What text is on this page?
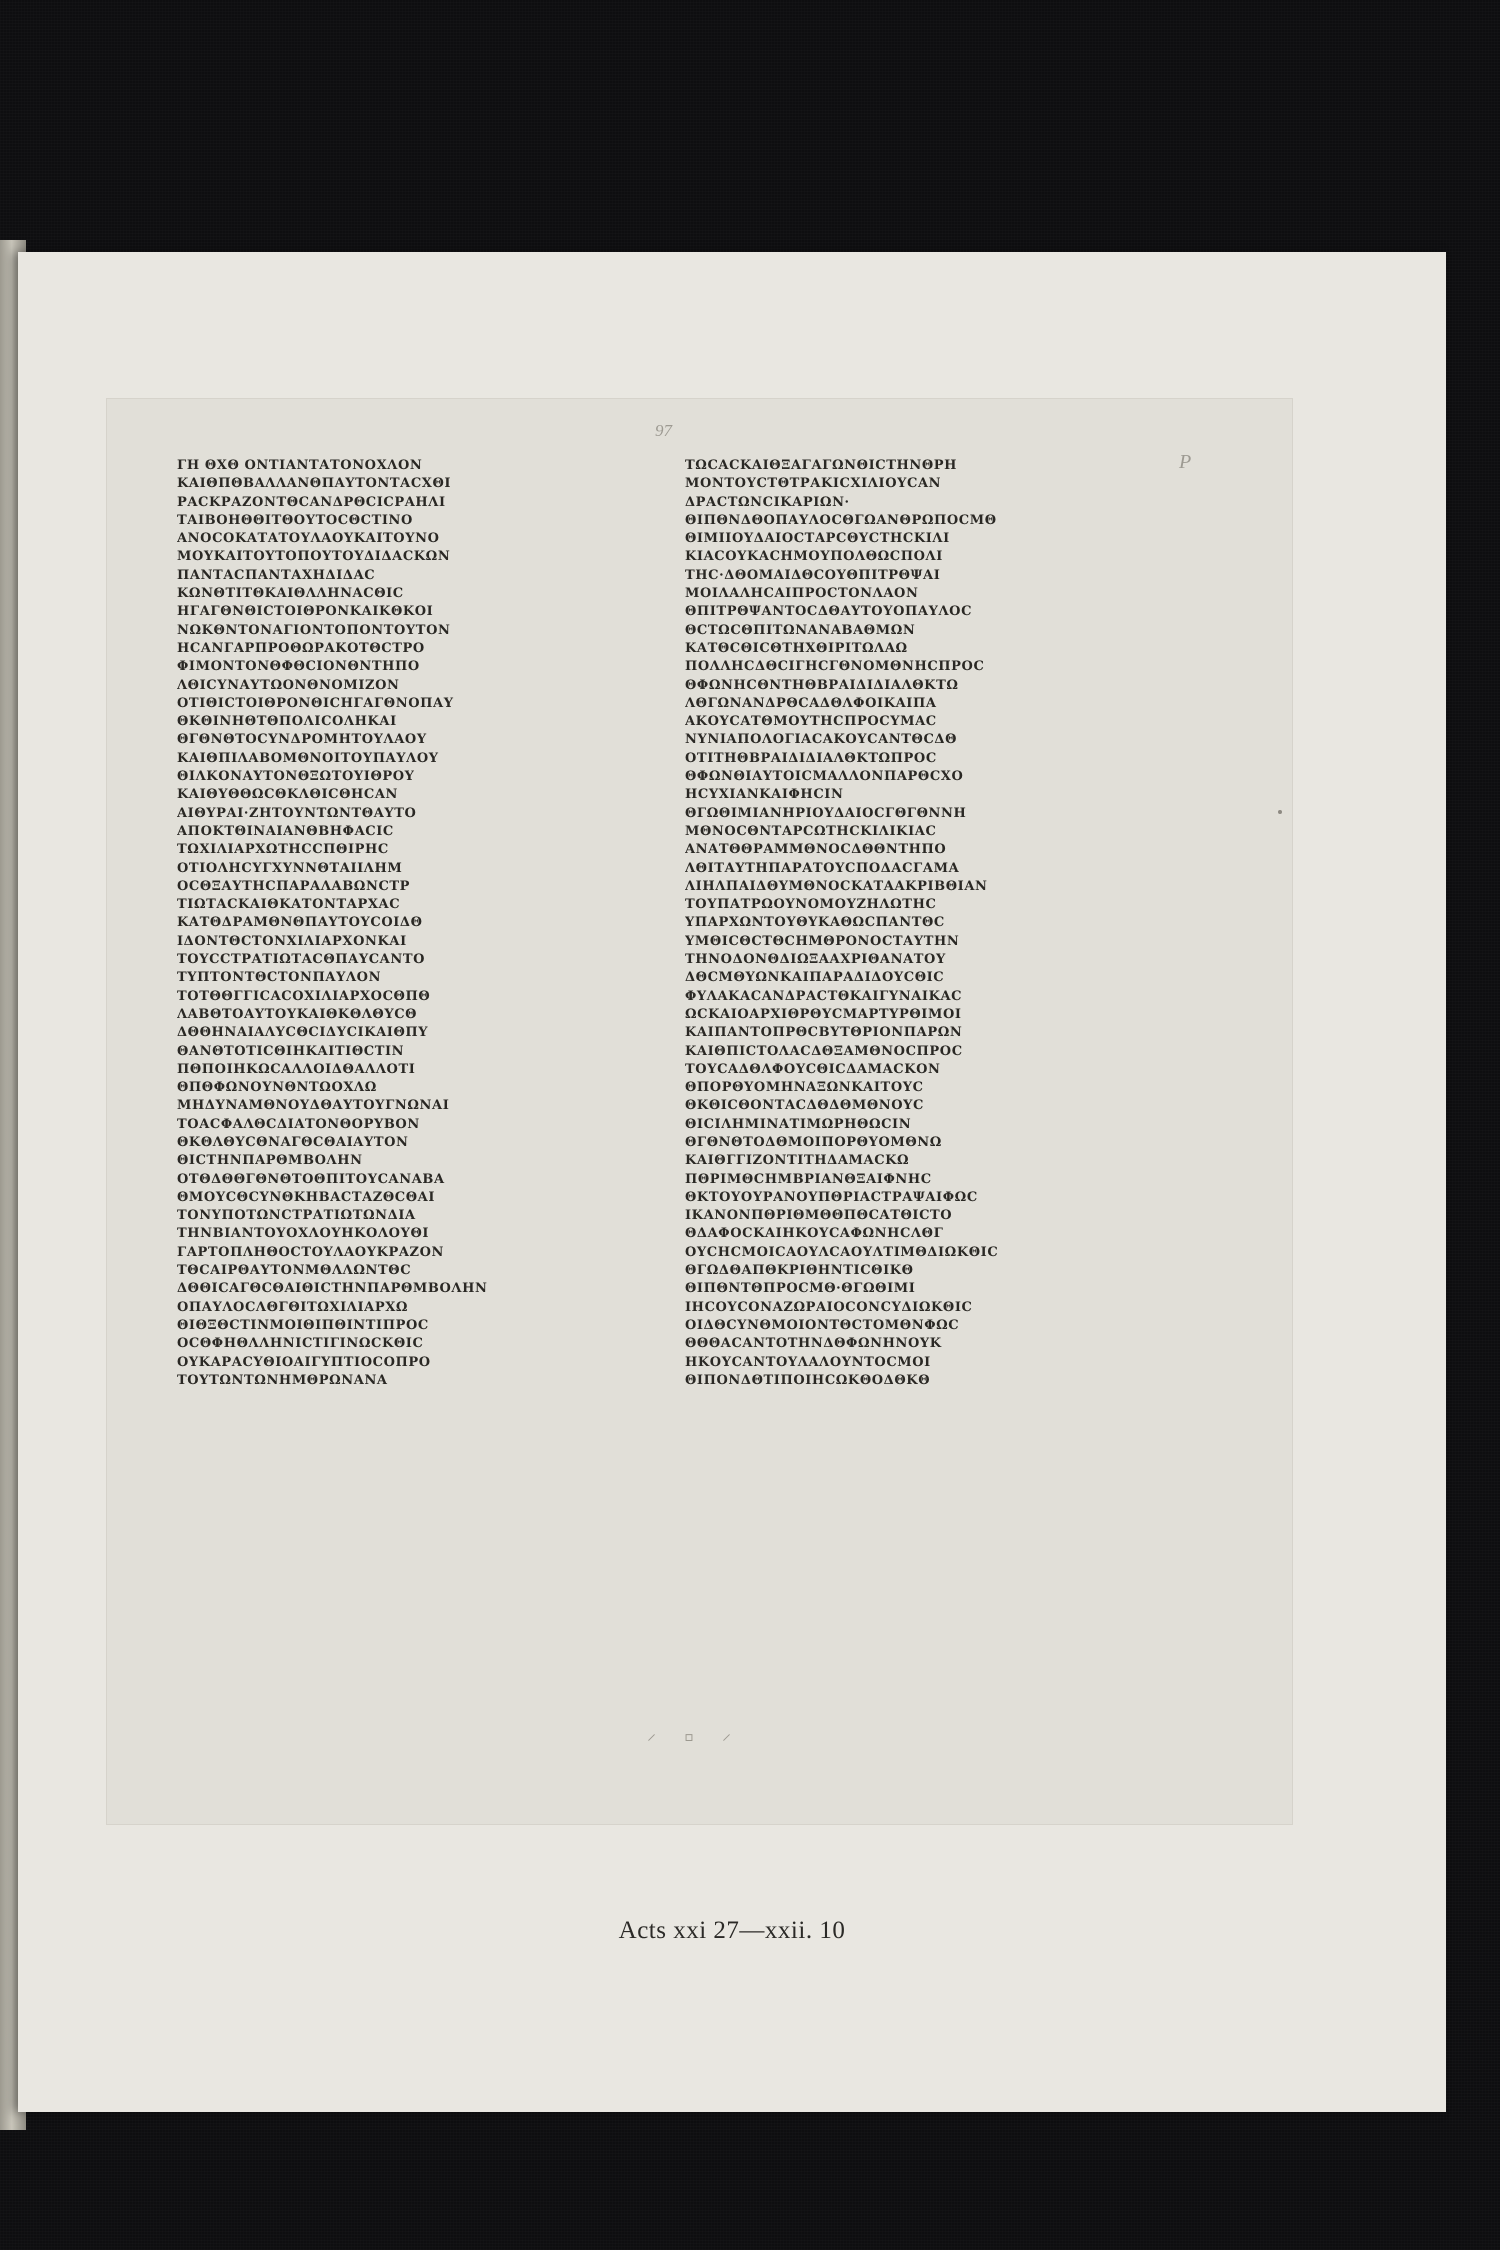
97
P
ΓΗ ΘΧΘ ΟΝΤΙΑΝΤΑΤΟΝΟΧΛΟΝ
ΚΑΙΘΠΘΒΑΛΛΑΝΘΠΑΥΤΟΝΤΑϹΧΘΙ
ΡΑϹΚΡΑΖΟΝΤΘϹΑΝΔΡΘϹΙϹΡΑΗΛΙ
ΤΑΙΒΟΗΘΘΙΤΘΟΥΤΟϹΘϹΤΙΝΟ
ΑΝΟϹΟΚΑΤΑΤΟΥΛΑΟΥΚΑΙΤΟΥΝΟ
ΜΟΥΚΑΙΤΟΥΤΟΠΟΥΤΟΥΔΙΔΑϹΚΩΝ
ΠΑΝΤΑϹΠΑΝΤΑΧΗΔΙΔΑϹ
ΚΩΝΘΤΙΤΘΚΑΙΘΛΛΗΝΑϹΘΙϹ
ΗΓΑΓΘΝΘΙϹΤΟΙΘΡΟΝΚΑΙΚΘΚΟΙ
ΝΩΚΘΝΤΟΝΑΓΙΟΝΤΟΠΟΝΤΟΥΤΟΝ
ΗϹΑΝΓΑΡΠΡΟΘΩΡΑΚΟΤΘϹΤΡΟ
ΦΙΜΟΝΤΟΝΘΦΘϹΙΟΝΘΝΤΗΠΟ
ΛΘΙϹΥΝΑΥΤΩΟΝΘΝΟΜΙΖΟΝ
ΟΤΙΘΙϹΤΟΙΘΡΟΝΘΙϹΗΓΑΓΘΝΟΠΑΥ
ΘΚΘΙΝΗΘΤΘΠΟΛΙϹΟΛΗΚΑΙ
ΘΓΘΝΘΤΟϹΥΝΔΡΟΜΗΤΟΥΛΑΟΥ
ΚΑΙΘΠΙΛΑΒΟΜΘΝΟΙΤΟΥΠΑΥΛΟΥ
ΘΙΛΚΟΝΑΥΤΟΝΘΞΩΤΟΥΙΘΡΟΥ
ΚΑΙΘΥΘΘΩϹΘΚΛΘΙϹΘΗϹΑΝ
ΑΙΘΥΡΑΙ·ΖΗΤΟΥΝΤΩΝΤΘΑΥΤΟ
ΑΠΟΚΤΘΙΝΑΙΑΝΘΒΗΦΑϹΙϹ
ΤΩΧΙΛΙΑΡΧΩΤΗϹϹΠΘΙΡΗϹ
ΟΤΙΟΛΗϹΥΓΧΥΝΝΘΤΑΙΙΛΗΜ
ΟϹΘΞΑΥΤΗϹΠΑΡΑΛΑΒΩΝϹΤΡ
ΤΙΩΤΑϹΚΑΙΘΚΑΤΟΝΤΑΡΧΑϹ
ΚΑΤΘΔΡΑΜΘΝΘΠΑΥΤΟΥϹΟΙΔΘ
ΙΔΟΝΤΘϹΤΟΝΧΙΛΙΑΡΧΟΝΚΑΙ
ΤΟΥϹϹΤΡΑΤΙΩΤΑϹΘΠΑΥϹΑΝΤΟ
ΤΥΠΤΟΝΤΘϹΤΟΝΠΑΥΛΟΝ
ΤΟΤΘΘΓΓΙϹΑϹΟΧΙΛΙΑΡΧΟϹΘΠΘ
ΛΑΒΘΤΟΑΥΤΟΥΚΑΙΘΚΘΛΘΥϹΘ
ΔΘΘΗΝΑΙΑΛΥϹΘϹΙΔΥϹΙΚΑΙΘΠΥ
ΘΑΝΘΤΟΤΙϹΘΙΗΚΑΙΤΙΘϹΤΙΝ
ΠΘΠΟΙΗΚΩϹΑΛΛΟΙΔΘΑΛΛΟΤΙ
ΘΠΘΦΩΝΟΥΝΘΝΤΩΟΧΛΩ
ΜΗΔΥΝΑΜΘΝΟΥΔΘΑΥΤΟΥΓΝΩΝΑΙ
ΤΟΑϹΦΑΛΘϹΔΙΑΤΟΝΘΟΡΥΒΟΝ
ΘΚΘΛΘΥϹΘΝΑΓΘϹΘΑΙΑΥΤΟΝ
ΘΙϹΤΗΝΠΑΡΘΜΒΟΛΗΝ
ΟΤΘΔΘΘΓΘΝΘΤΟΘΠΙΤΟΥϹΑΝΑΒΑ
ΘΜΟΥϹΘϹΥΝΘΚΗΒΑϹΤΑΖΘϹΘΑΙ
ΤΟΝΥΠΟΤΩΝϹΤΡΑΤΙΩΤΩΝΔΙΑ
ΤΗΝΒΙΑΝΤΟΥΟΧΛΟΥΗΚΟΛΟΥΘΙ
ΓΑΡΤΟΠΛΗΘΟϹΤΟΥΛΑΟΥΚΡΑΖΟΝ
ΤΘϹΑΙΡΘΑΥΤΟΝΜΘΛΛΩΝΤΘϹ
ΔΘΘΙϹΑΓΘϹΘΑΙΘΙϹΤΗΝΠΑΡΘΜΒΟΛΗΝ
ΟΠΑΥΛΟϹΛΘΓΘΙΤΩΧΙΛΙΑΡΧΩ
ΘΙΘΞΘϹΤΙΝΜΟΙΘΙΠΘΙΝΤΙΠΡΟϹ
ΟϹΘΦΗΘΛΛΗΝΙϹΤΙΓΙΝΩϹΚΘΙϹ
ΟΥΚΑΡΑϹΥΘΙΟΑΙΓΥΠΤΙΟϹΟΠΡΟ
ΤΟΥΤΩΝΤΩΝΗΜΘΡΩΝΑΝΑ
ΤΩϹΑϹΚΑΙΘΞΑΓΑΓΩΝΘΙϹΤΗΝΘΡΗ
ΜΟΝΤΟΥϹΤΘΤΡΑΚΙϹΧΙΛΙΟΥϹΑΝ
ΔΡΑϹΤΩΝϹΙΚΑΡΙΩΝ·
ΘΙΠΘΝΔΘΟΠΑΥΛΟϹΘΓΩΑΝΘΡΩΠΟϹΜΘ
ΘΙΜΙΙΟΥΔΑΙΟϹΤΑΡϹΘΥϹΤΗϹΚΙΛΙ
ΚΙΑϹΟΥΚΑϹΗΜΟΥΠΟΛΘΩϹΠΟΛΙ
ΤΗϹ·ΔΘΟΜΑΙΔΘϹΟΥΘΠΙΤΡΘΨΑΙ
ΜΟΙΛΑΛΗϹΑΙΠΡΟϹΤΟΝΛΑΟΝ
ΘΠΙΤΡΘΨΑΝΤΟϹΔΘΑΥΤΟΥΟΠΑΥΛΟϹ
ΘϹΤΩϹΘΠΙΤΩΝΑΝΑΒΑΘΜΩΝ
ΚΑΤΘϹΘΙϹΘΤΗΧΘΙΡΙΤΩΛΑΩ
ΠΟΛΛΗϹΔΘϹΙΓΗϹΓΘΝΟΜΘΝΗϹΠΡΟϹ
ΘΦΩΝΗϹΘΝΤΗΘΒΡΑΙΔΙΔΙΑΛΘΚΤΩ
ΛΘΓΩΝΑΝΔΡΘϹΑΔΘΛΦΟΙΚΑΙΠΑ
ΑΚΟΥϹΑΤΘΜΟΥΤΗϹΠΡΟϹΥΜΑϹ
ΝΥΝΙΑΠΟΛΟΓΙΑϹΑΚΟΥϹΑΝΤΘϹΔΘ
ΟΤΙΤΗΘΒΡΑΙΔΙΔΙΑΛΘΚΤΩΠΡΟϹ
ΘΦΩΝΘΙΑΥΤΟΙϹΜΑΛΛΟΝΠΑΡΘϹΧΟ
ΗϹΥΧΙΑΝΚΑΙΦΗϹΙΝ
ΘΓΩΘΙΜΙΑΝΗΡΙΟΥΔΑΙΟϹΓΘΓΘΝΝΗ
ΜΘΝΟϹΘΝΤΑΡϹΩΤΗϹΚΙΛΙΚΙΑϹ
ΑΝΑΤΘΘΡΑΜΜΘΝΟϹΔΘΘΝΤΗΠΟ
ΛΘΙΤΑΥΤΗΠΑΡΑΤΟΥϹΠΟΔΑϹΓΑΜΑ
ΛΙΗΛΠΑΙΔΘΥΜΘΝΟϹΚΑΤΑΑΚΡΙΒΘΙΑΝ
ΤΟΥΠΑΤΡΩΟΥΝΟΜΟΥΖΗΛΩΤΗϹ
ΥΠΑΡΧΩΝΤΟΥΘΥΚΑΘΩϹΠΑΝΤΘϹ
ΥΜΘΙϹΘϹΤΘϹΗΜΘΡΟΝΟϹΤΑΥΤΗΝ
ΤΗΝΟΔΟΝΘΔΙΩΞΑΑΧΡΙΘΑΝΑΤΟΥ
ΔΘϹΜΘΥΩΝΚΑΙΠΑΡΑΔΙΔΟΥϹΘΙϹ
ΦΥΛΑΚΑϹΑΝΔΡΑϹΤΘΚΑΙΓΥΝΑΙΚΑϹ
ΩϹΚΑΙΟΑΡΧΙΘΡΘΥϹΜΑΡΤΥΡΘΙΜΟΙ
ΚΑΙΠΑΝΤΟΠΡΘϹΒΥΤΘΡΙΟΝΠΑΡΩΝ
ΚΑΙΘΠΙϹΤΟΛΑϹΔΘΞΑΜΘΝΟϹΠΡΟϹ
ΤΟΥϹΑΔΘΛΦΟΥϹΘΙϹΔΑΜΑϹΚΟΝ
ΘΠΟΡΘΥΟΜΗΝΑΞΩΝΚΑΙΤΟΥϹ
ΘΚΘΙϹΘΟΝΤΑϹΔΘΔΘΜΘΝΟΥϹ
ΘΙϹΙΛΗΜΙΝΑΤΙΜΩΡΗΘΩϹΙΝ
ΘΓΘΝΘΤΟΔΘΜΟΙΠΟΡΘΥΟΜΘΝΩ
ΚΑΙΘΓΓΙΖΟΝΤΙΤΗΔΑΜΑϹΚΩ
ΠΘΡΙΜΘϹΗΜΒΡΙΑΝΘΞΑΙΦΝΗϹ
ΘΚΤΟΥΟΥΡΑΝΟΥΠΘΡΙΑϹΤΡΑΨΑΙΦΩϹ
ΙΚΑΝΟΝΠΘΡΙΘΜΘΘΠΘϹΑΤΘΙϹΤΟ
ΘΔΑΦΟϹΚΑΙΗΚΟΥϹΑΦΩΝΗϹΛΘΓ
ΟΥϹΗϹΜΟΙϹΑΟΥΛϹΑΟΥΛΤΙΜΘΔΙΩΚΘΙϹ
ΘΓΩΔΘΑΠΘΚΡΙΘΗΝΤΙϹΘΙΚΘ
ΘΙΠΘΝΤΘΠΡΟϹΜΘ·ΘΓΩΘΙΜΙ
ΙΗϹΟΥϹΟΝΑΖΩΡΑΙΟϹΟΝϹΥΔΙΩΚΘΙϹ
ΟΙΔΘϹΥΝΘΜΟΙΟΝΤΘϹΤΟΜΘΝΦΩϹ
ΘΘΘΑϹΑΝΤΟΤΗΝΔΘΦΩΝΗΝΟΥΚ
ΗΚΟΥϹΑΝΤΟΥΛΑΛΟΥΝΤΟϹΜΟΙ
ΘΙΠΟΝΔΘΤΙΠΟΙΗϹΩΚΘΟΔΘΚΘ
⸍ ⸋ ⸍
Acts xxi 27—xxii. 10
